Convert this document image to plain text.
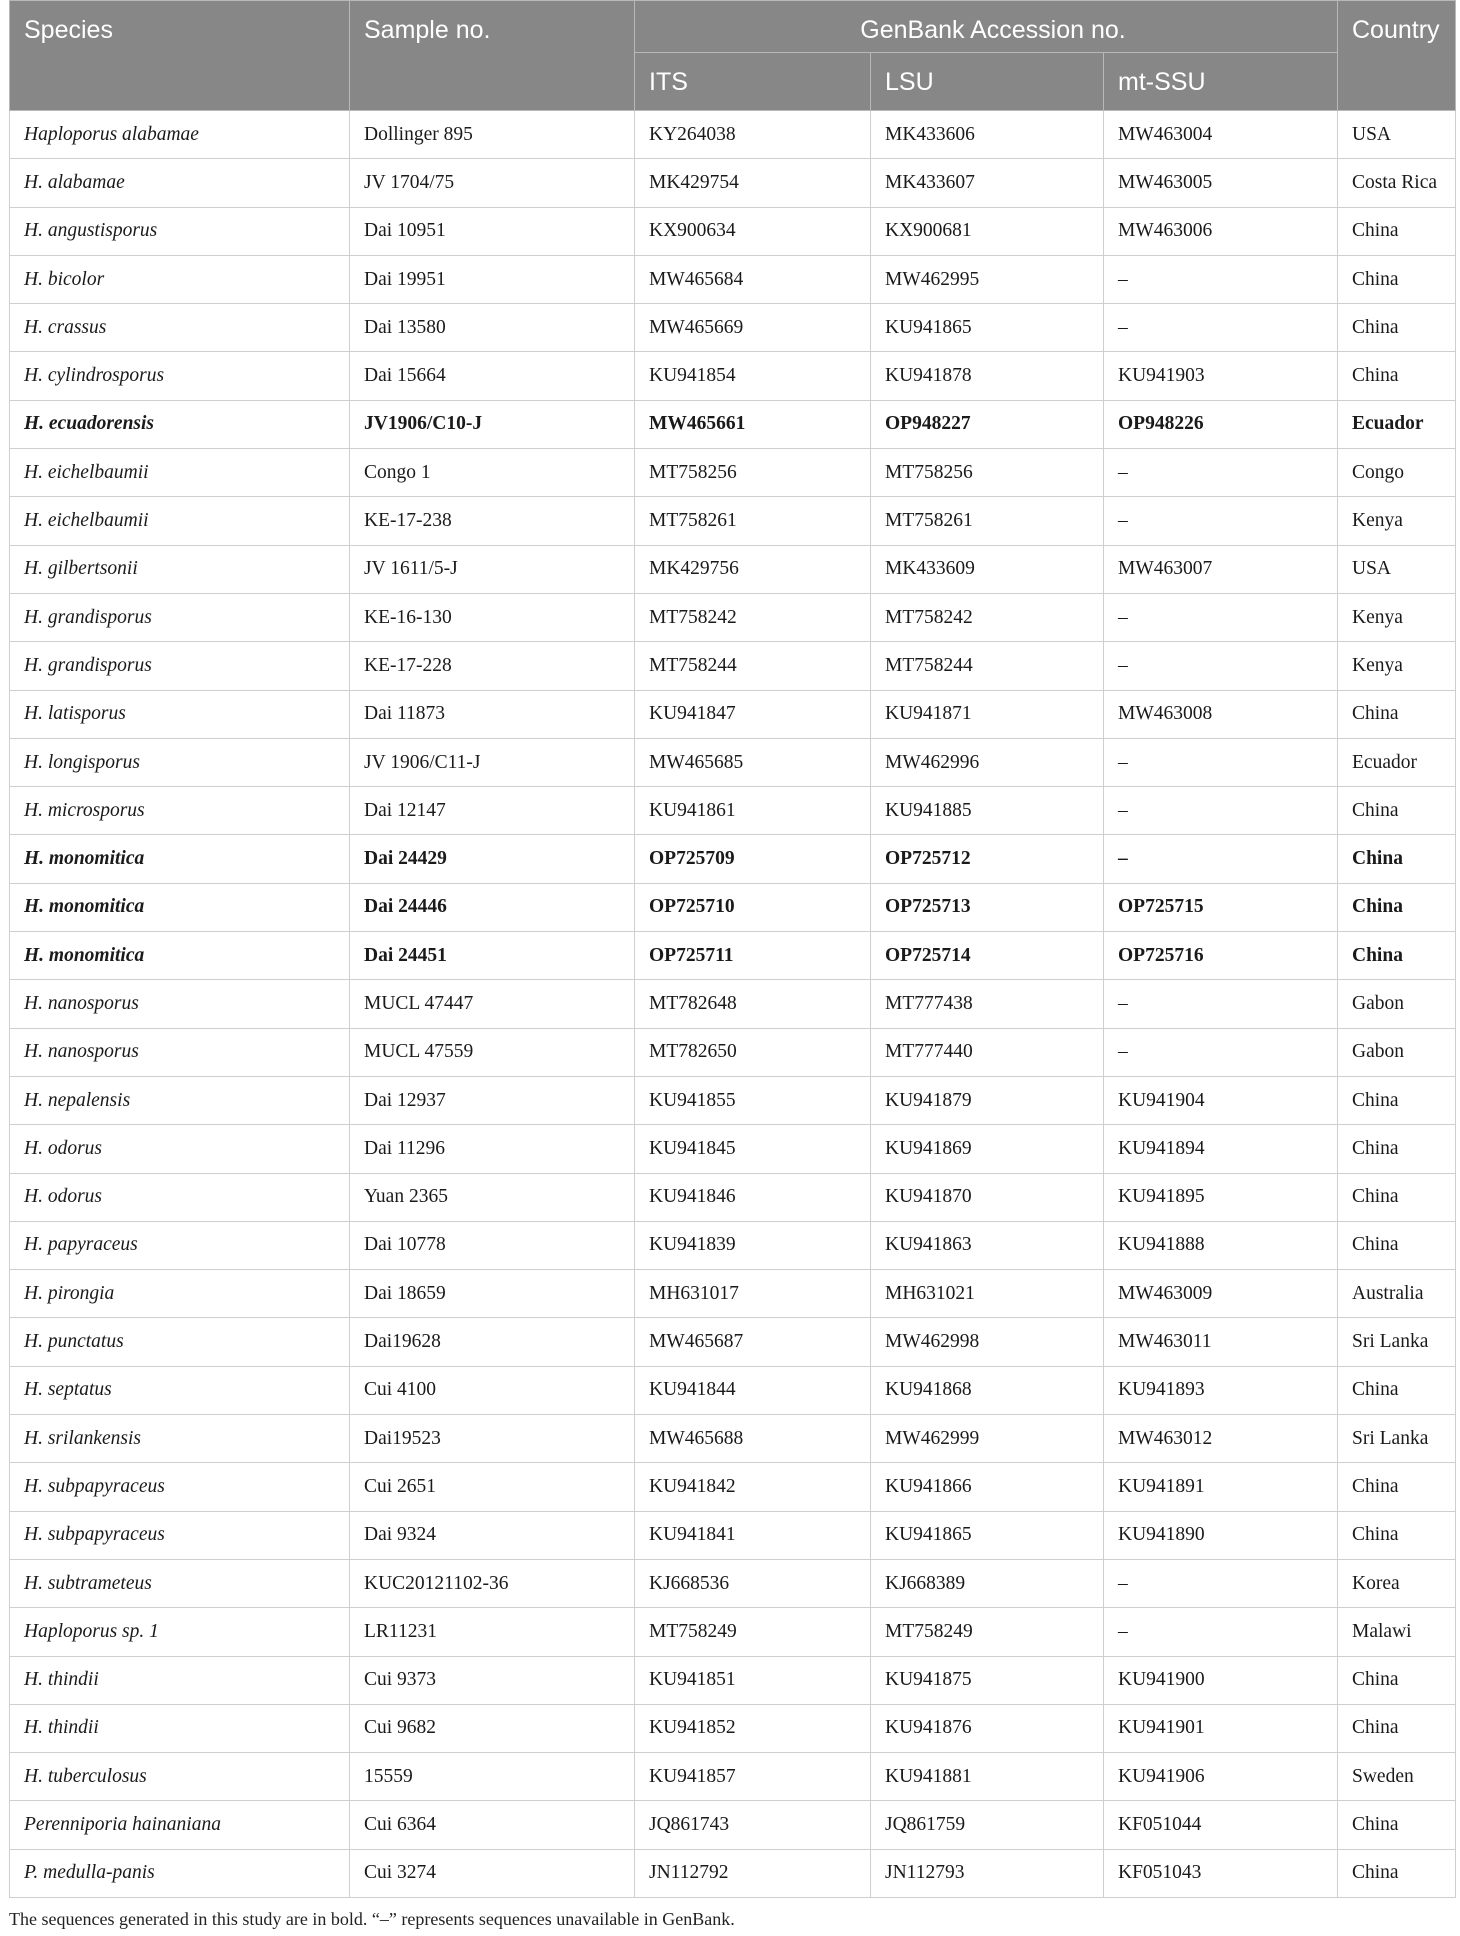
Species	Sample no.	GenBank Accession no.			Country
		ITS	LSU	mt-SSU	
Haploporus alabamae	Dollinger 895	KY264038	MK433606	MW463004	USA
H. alabamae	JV 1704/75	MK429754	MK433607	MW463005	Costa Rica
H. angustisporus	Dai 10951	KX900634	KX900681	MW463006	China
H. bicolor	Dai 19951	MW465684	MW462995	–	China
H. crassus	Dai 13580	MW465669	KU941865	–	China
H. cylindrosporus	Dai 15664	KU941854	KU941878	KU941903	China
H. ecuadorensis	JV1906/C10-J	MW465661	OP948227	OP948226	Ecuador
H. eichelbaumii	Congo 1	MT758256	MT758256	–	Congo
H. eichelbaumii	KE-17-238	MT758261	MT758261	–	Kenya
H. gilbertsonii	JV 1611/5-J	MK429756	MK433609	MW463007	USA
H. grandisporus	KE-16-130	MT758242	MT758242	–	Kenya
H. grandisporus	KE-17-228	MT758244	MT758244	–	Kenya
H. latisporus	Dai 11873	KU941847	KU941871	MW463008	China
H. longisporus	JV 1906/C11-J	MW465685	MW462996	–	Ecuador
H. microsporus	Dai 12147	KU941861	KU941885	–	China
H. monomitica	Dai 24429	OP725709	OP725712	–	China
H. monomitica	Dai 24446	OP725710	OP725713	OP725715	China
H. monomitica	Dai 24451	OP725711	OP725714	OP725716	China
H. nanosporus	MUCL 47447	MT782648	MT777438	–	Gabon
H. nanosporus	MUCL 47559	MT782650	MT777440	–	Gabon
H. nepalensis	Dai 12937	KU941855	KU941879	KU941904	China
H. odorus	Dai 11296	KU941845	KU941869	KU941894	China
H. odorus	Yuan 2365	KU941846	KU941870	KU941895	China
H. papyraceus	Dai 10778	KU941839	KU941863	KU941888	China
H. pirongia	Dai 18659	MH631017	MH631021	MW463009	Australia
H. punctatus	Dai19628	MW465687	MW462998	MW463011	Sri Lanka
H. septatus	Cui 4100	KU941844	KU941868	KU941893	China
H. srilankensis	Dai19523	MW465688	MW462999	MW463012	Sri Lanka
H. subpapyraceus	Cui 2651	KU941842	KU941866	KU941891	China
H. subpapyraceus	Dai 9324	KU941841	KU941865	KU941890	China
H. subtrameteus	KUC20121102-36	KJ668536	KJ668389	–	Korea
Haploporus sp. 1	LR11231	MT758249	MT758249	–	Malawi
H. thindii	Cui 9373	KU941851	KU941875	KU941900	China
H. thindii	Cui 9682	KU941852	KU941876	KU941901	China
H. tuberculosus	15559	KU941857	KU941881	KU941906	Sweden
Perenniporia hainaniana	Cui 6364	JQ861743	JQ861759	KF051044	China
P. medulla-panis	Cui 3274	JN112792	JN112793	KF051043	China
The sequences generated in this study are in bold. “–” represents sequences unavailable in GenBank.
